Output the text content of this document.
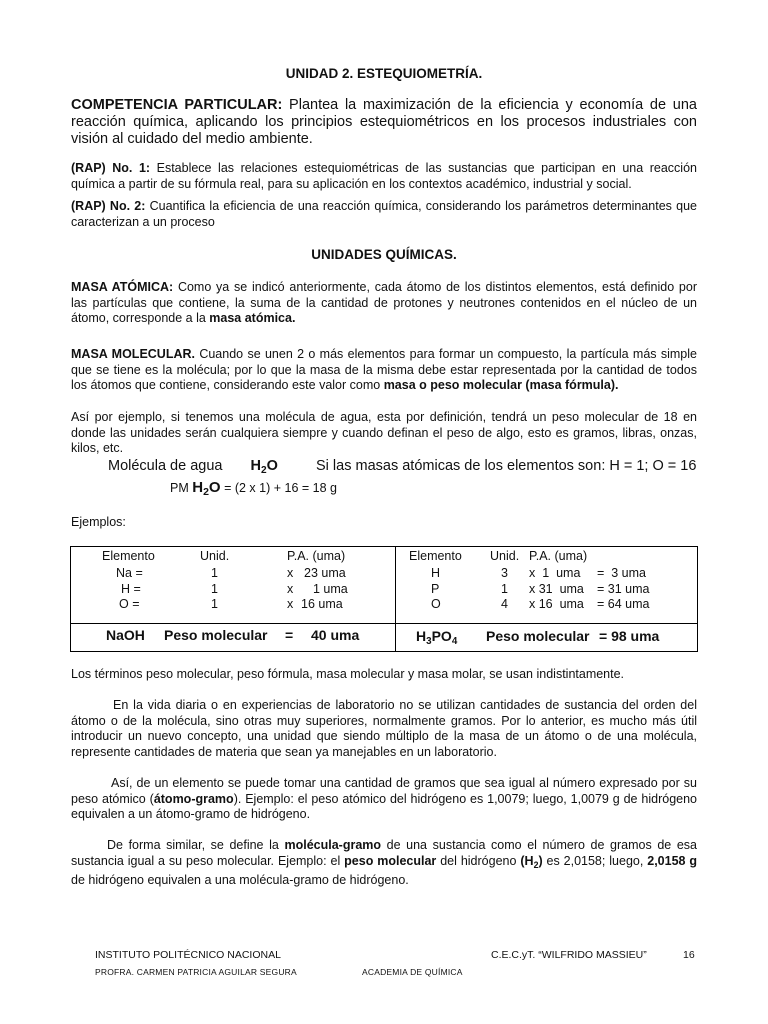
UNIDAD 2. ESTEQUIOMETRÍA.
COMPETENCIA PARTICULAR: Plantea la maximización de la eficiencia y economía de una reacción química, aplicando los principios estequiométricos en los procesos industriales con visión al cuidado del medio ambiente.
(RAP) No. 1: Establece las relaciones estequiométricas de las sustancias que participan en una reacción química a partir de su fórmula real, para su aplicación en los contextos académico, industrial y social.
(RAP) No. 2: Cuantifica la eficiencia de una reacción química, considerando los parámetros determinantes que caracterizan a un proceso
UNIDADES QUÍMICAS.
MASA ATÓMICA: Como ya se indicó anteriormente, cada átomo de los distintos elementos, está definido por las partículas que contiene, la suma de la cantidad de protones y neutrones contenidos en el núcleo de un átomo, corresponde a la masa atómica.
MASA MOLECULAR. Cuando se unen 2 o más elementos para formar un compuesto, la partícula más simple que se tiene es la molécula; por lo que la masa de la misma debe estar representada por la cantidad de todos los átomos que contiene, considerando este valor como masa o peso molecular (masa fórmula).
Así por ejemplo, si tenemos una molécula de agua, esta por definición, tendrá un peso molecular de 18 en donde las unidades serán cualquiera siempre y cuando definan el peso de algo, esto es gramos, libras, onzas, kilos, etc.
Molécula de agua $H_2O$	Si las masas atómicas de los elementos son: H = 1; O = 16
PM $H_2O = (2$ x 1) + 16 = 18 g
Ejemplos:
Elemento	Unid.	P.A. (uma)
Na =	1	x 23 uma
H =	1	x 1 uma
O =	1	x 16 uma
Elemento Unid. P.A. (uma)
H	3 x  1  uma =  3 uma
P	1 x 31  uma = 31 uma
O	4 x 16  uma = 64 uma
NaOH Peso molecular = 40 uma	$H_3PO_4$ Peso molecular = 98 uma
Los términos peso molecular, peso fórmula, masa molecular y masa molar, se usan indistintamente.
En la vida diaria o en experiencias de laboratorio no se utilizan cantidades de sustancia del orden del átomo o de la molécula, sino otras muy superiores, normalmente gramos. Por lo anterior, es mucho más útil introducir un nuevo concepto, una unidad que siendo múltiplo de la masa de un átomo o de una molécula, represente cantidades de materia que sean ya manejables en un laboratorio.
Así, de un elemento se puede tomar una cantidad de gramos que sea igual al número expresado por su peso atómico (átomo-gramo). Ejemplo: el peso atómico del hidrógeno es 1,0079; luego, 1,0079 g de hidrógeno equivalen a un átomo-gramo de hidrógeno.
De forma similar, se define la molécula-gramo de una sustancia como el número de gramos de esa sustancia igual a su peso molecular. Ejemplo: el peso molecular del hidrógeno $(H_2)$ es 2,0158; luego, 2,0158 g de hidrógeno equivalen a una molécula-gramo de hidrógeno.
INSTITUTO POLITÉCNICO NACIONAL	C.E.C.yT. “WILFRIDO MASSIEU”	16
PROFRA. CARMEN PATRICIA AGUILAR SEGURA	ACADEMIA DE QUÍMICA
